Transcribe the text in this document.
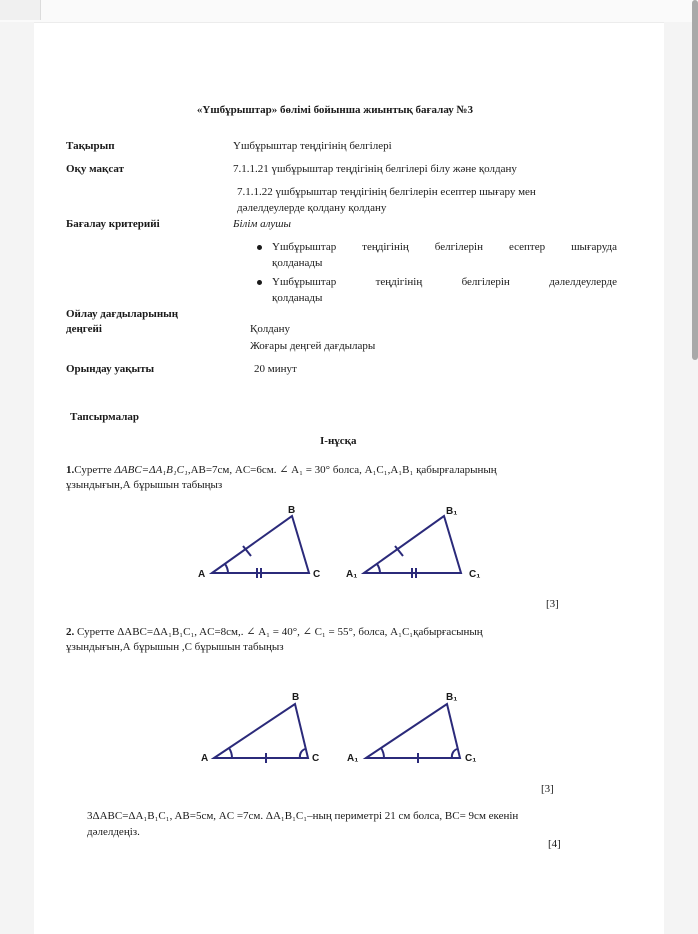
«Үшбұрыштар» бөлімі бойынша жиынтық бағалау №3
Тақырып	Үшбұрыштар теңдігінің белгілері
Оқу мақсат	7.1.1.21 үшбұрыштар теңдігінің белгілері білу және қолдану
7.1.1.22 үшбұрыштар теңдігінің белгілерін есептер шығару мен
дәлелдеулерде қолдану қолдану
Бағалау критерийі	Білім алушы
Үшбұрыштар теңдігінің белгілерін есептер шығаруда
қолданады
Үшбұрыштар	теңдігінің	белгілерін	дәлелдеулерде
қолданады
Ойлау дағдыларының
деңгейі	Қолдану
Жоғары деңгей дағдылары
Орындау уақыты	20 минут
Тапсырмалар
І-нұсқа
1.Суретте ΔABC=ΔA₁B₁C₁,AB=7см, AC=6см. ∠ A₁ = 30° болса, A₁C₁,A₁B₁ қабырғаларының
ұзындығын,А бұрышын табыңыз
A
B
C	A₁
B₁
C₁
[3]
2. Суретте ΔABC=ΔA₁B₁C₁, AC=8см,. ∠ A₁ = 40°, ∠ C₁ = 55°, болса, A₁C₁қабырғасының
ұзындығын,А бұрышын ,С бұрышын табыңыз
A
B
C	A₁
B₁
C₁
[3]
3ΔABC=ΔA₁B₁C₁, AB=5см, AC =7см. ΔA₁B₁C₁–ның периметрі 21 см болса, BC= 9см екенін
дәлелдеңіз.
[4]
